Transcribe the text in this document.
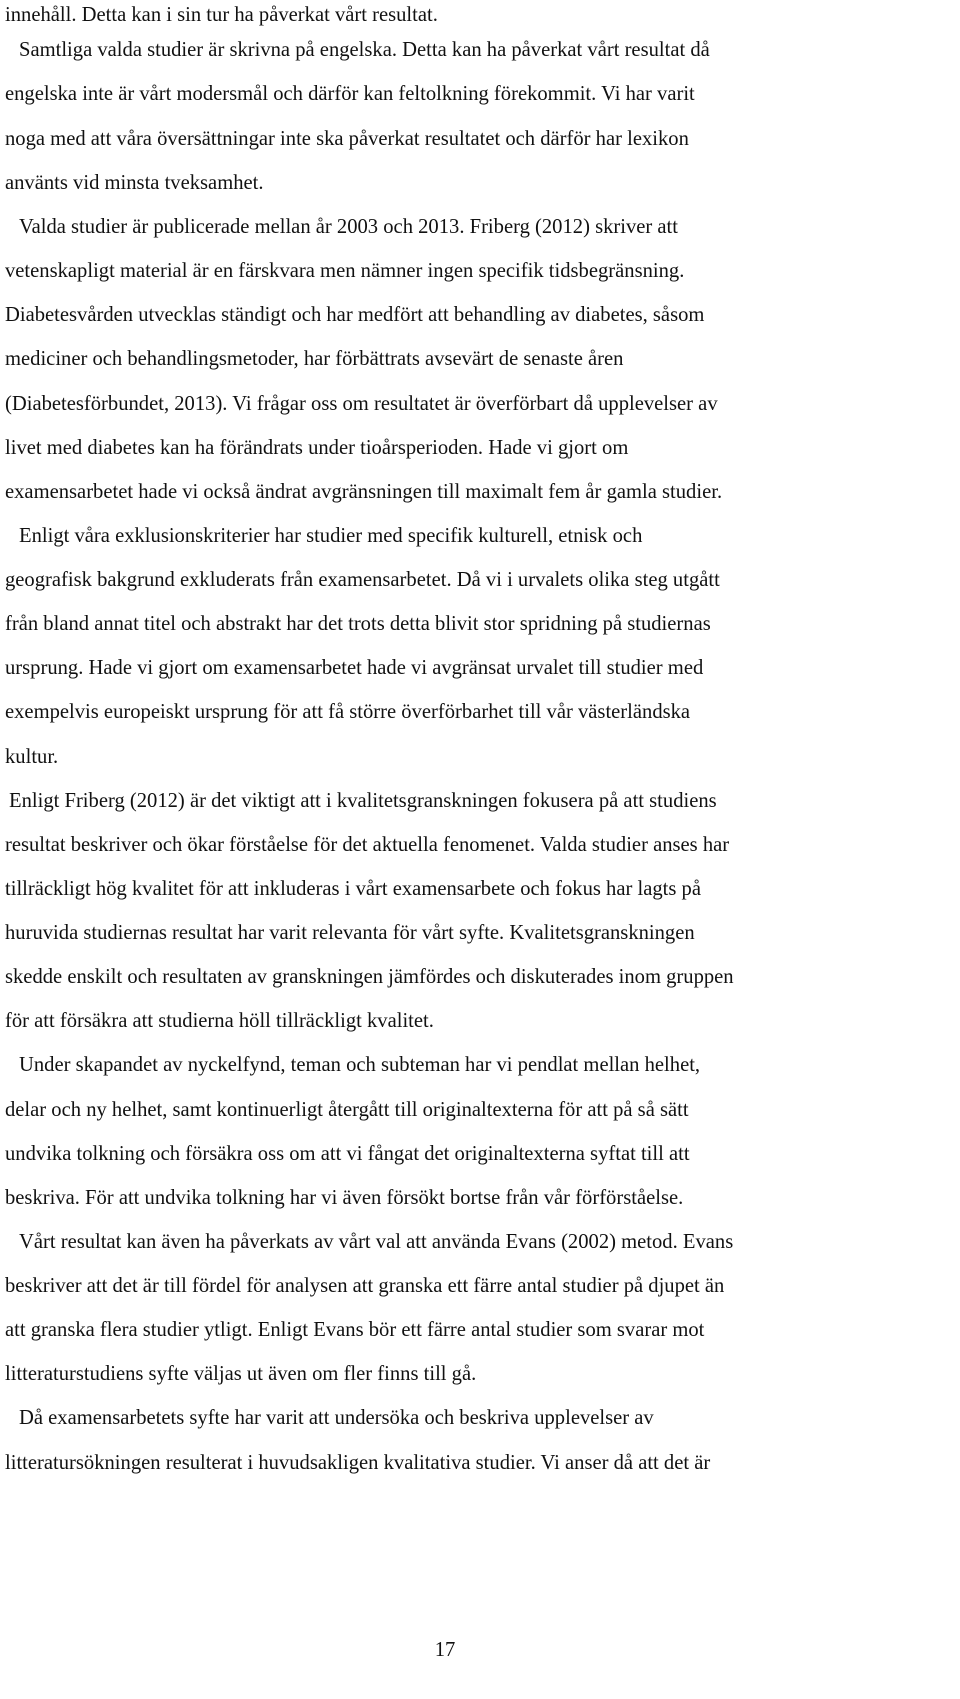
innehåll. Detta kan i sin tur ha påverkat vårt resultat.
Samtliga valda studier är skrivna på engelska. Detta kan ha påverkat vårt resultat då
engelska inte är vårt modersmål och därför kan feltolkning förekommit. Vi har varit
noga med att våra översättningar inte ska påverkat resultatet och därför har lexikon
använts vid minsta tveksamhet.
Valda studier är publicerade mellan år 2003 och 2013. Friberg (2012) skriver att
vetenskapligt material är en färskvara men nämner ingen specifik tidsbegränsning.
Diabetesvården utvecklas ständigt och har medfört att behandling av diabetes, såsom
mediciner och behandlingsmetoder, har förbättrats avsevärt de senaste åren
(Diabetesförbundet, 2013). Vi frågar oss om resultatet är överförbart då upplevelser av
livet med diabetes kan ha förändrats under tioårsperioden. Hade vi gjort om
examensarbetet hade vi också ändrat avgränsningen till maximalt fem år gamla studier.
Enligt våra exklusionskriterier har studier med specifik kulturell, etnisk och
geografisk bakgrund exkluderats från examensarbetet. Då vi i urvalets olika steg utgått
från bland annat titel och abstrakt har det trots detta blivit stor spridning på studiernas
ursprung. Hade vi gjort om examensarbetet hade vi avgränsat urvalet till studier med
exempelvis europeiskt ursprung för att få större överförbarhet till vår västerländska
kultur.
Enligt Friberg (2012) är det viktigt att i kvalitetsgranskningen fokusera på att studiens
resultat beskriver och ökar förståelse för det aktuella fenomenet. Valda studier anses har
tillräckligt hög kvalitet för att inkluderas i vårt examensarbete och fokus har lagts på
huruvida studiernas resultat har varit relevanta för vårt syfte. Kvalitetsgranskningen
skedde enskilt och resultaten av granskningen jämfördes och diskuterades inom gruppen
för att försäkra att studierna höll tillräckligt kvalitet.
Under skapandet av nyckelfynd, teman och subteman har vi pendlat mellan helhet,
delar och ny helhet, samt kontinuerligt återgått till originaltexterna för att på så sätt
undvika tolkning och försäkra oss om att vi fångat det originaltexterna syftat till att
beskriva. För att undvika tolkning har vi även försökt bortse från vår förförståelse.
Vårt resultat kan även ha påverkats av vårt val att använda Evans (2002) metod. Evans
beskriver att det är till fördel för analysen att granska ett färre antal studier på djupet än
att granska flera studier ytligt. Enligt Evans bör ett färre antal studier som svarar mot
litteraturstudiens syfte väljas ut även om fler finns till gå.
Då examensarbetets syfte har varit att undersöka och beskriva upplevelser av
litteratursökningen resulterat i huvudsakligen kvalitativa studier. Vi anser då att det är
17
